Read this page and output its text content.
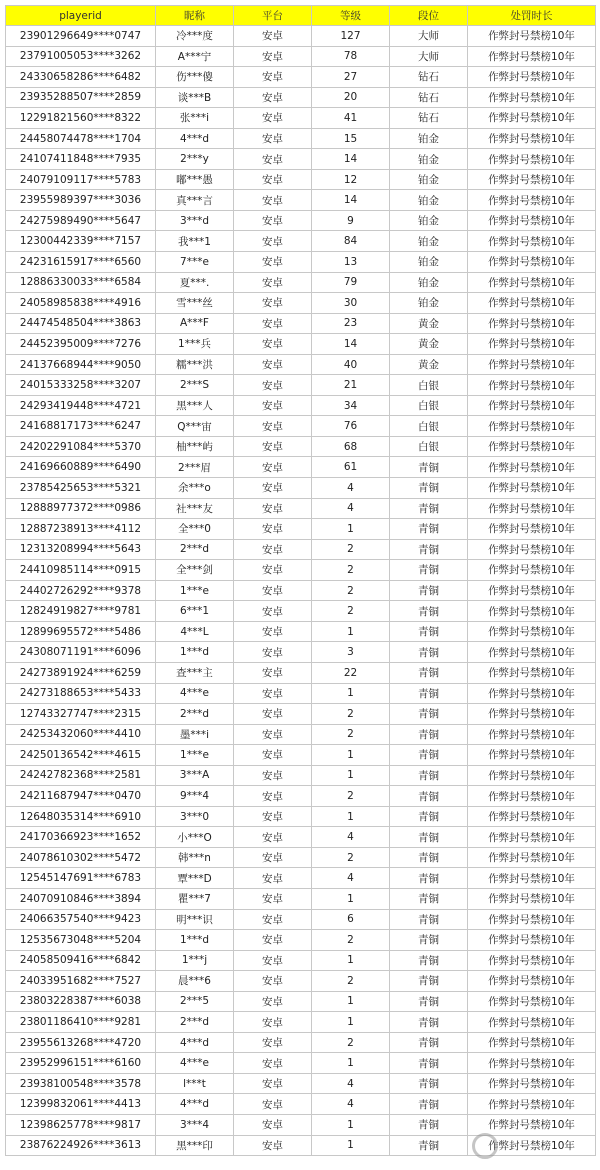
playerid	昵称	平台	等级	段位	处罚时长
23901296649****0747	冷***度	安卓	127	大师	作弊封号禁榜10年
23791005053****3262	A***宁	安卓	78	大师	作弊封号禁榜10年
24330658286****6482	伤***傻	安卓	27	钻石	作弊封号禁榜10年
23935288507****2859	谈***B	安卓	20	钻石	作弊封号禁榜10年
12291821560****8322	张***i	安卓	41	钻石	作弊封号禁榜10年
24458074478****1704	4***d	安卓	15	铂金	作弊封号禁榜10年
24107411848****7935	2***y	安卓	14	铂金	作弊封号禁榜10年
24079109117****5783	嘟***愚	安卓	12	铂金	作弊封号禁榜10年
23955989397****3036	真***言	安卓	14	铂金	作弊封号禁榜10年
24275989490****5647	3***d	安卓	9	铂金	作弊封号禁榜10年
12300442339****7157	我***1	安卓	84	铂金	作弊封号禁榜10年
24231615917****6560	7***e	安卓	13	铂金	作弊封号禁榜10年
12886330033****6584	夏***.	安卓	79	铂金	作弊封号禁榜10年
24058985838****4916	雪***丝	安卓	30	铂金	作弊封号禁榜10年
24474548504****3863	A***F	安卓	23	黄金	作弊封号禁榜10年
24452395009****7276	1***兵	安卓	14	黄金	作弊封号禁榜10年
24137668944****9050	糯***洪	安卓	40	黄金	作弊封号禁榜10年
24015333258****3207	2***S	安卓	21	白银	作弊封号禁榜10年
24293419448****4721	黑***人	安卓	34	白银	作弊封号禁榜10年
24168817173****6247	Q***宙	安卓	76	白银	作弊封号禁榜10年
24202291084****5370	柚***屿	安卓	68	白银	作弊封号禁榜10年
24169660889****6490	2***眉	安卓	61	青铜	作弊封号禁榜10年
23785425653****5321	余***o	安卓	4	青铜	作弊封号禁榜10年
12888977372****0986	社***友	安卓	4	青铜	作弊封号禁榜10年
12887238913****4112	全***0	安卓	1	青铜	作弊封号禁榜10年
12313208994****5643	2***d	安卓	2	青铜	作弊封号禁榜10年
24410985114****0915	全***剑	安卓	2	青铜	作弊封号禁榜10年
24402726292****9378	1***e	安卓	2	青铜	作弊封号禁榜10年
12824919827****9781	6***1	安卓	2	青铜	作弊封号禁榜10年
12899695572****5486	4***L	安卓	1	青铜	作弊封号禁榜10年
24308071191****6096	1***d	安卓	3	青铜	作弊封号禁榜10年
24273891924****6259	查***主	安卓	22	青铜	作弊封号禁榜10年
24273188653****5433	4***e	安卓	1	青铜	作弊封号禁榜10年
12743327747****2315	2***d	安卓	2	青铜	作弊封号禁榜10年
24253432060****4410	墨***i	安卓	2	青铜	作弊封号禁榜10年
24250136542****4615	1***e	安卓	1	青铜	作弊封号禁榜10年
24242782368****2581	3***A	安卓	1	青铜	作弊封号禁榜10年
24211687947****0470	9***4	安卓	2	青铜	作弊封号禁榜10年
12648035314****6910	3***0	安卓	1	青铜	作弊封号禁榜10年
24170366923****1652	小***O	安卓	4	青铜	作弊封号禁榜10年
24078610302****5472	韩***n	安卓	2	青铜	作弊封号禁榜10年
12545147691****6783	覃***D	安卓	4	青铜	作弊封号禁榜10年
24070910846****3894	瞿***7	安卓	1	青铜	作弊封号禁榜10年
24066357540****9423	明***识	安卓	6	青铜	作弊封号禁榜10年
12535673048****5204	1***d	安卓	2	青铜	作弊封号禁榜10年
24058509416****6842	1***j	安卓	1	青铜	作弊封号禁榜10年
24033951682****7527	晨***6	安卓	2	青铜	作弊封号禁榜10年
23803228387****6038	2***5	安卓	1	青铜	作弊封号禁榜10年
23801186410****9281	2***d	安卓	1	青铜	作弊封号禁榜10年
23955613268****4720	4***d	安卓	2	青铜	作弊封号禁榜10年
23952996151****6160	4***e	安卓	1	青铜	作弊封号禁榜10年
23938100548****3578	l***t	安卓	4	青铜	作弊封号禁榜10年
12399832061****4413	4***d	安卓	4	青铜	作弊封号禁榜10年
12398625778****9817	3***4	安卓	1	青铜	作弊封号禁榜10年
23876224926****3613	黑***印	安卓	1	青铜	作弊封号禁榜10年
